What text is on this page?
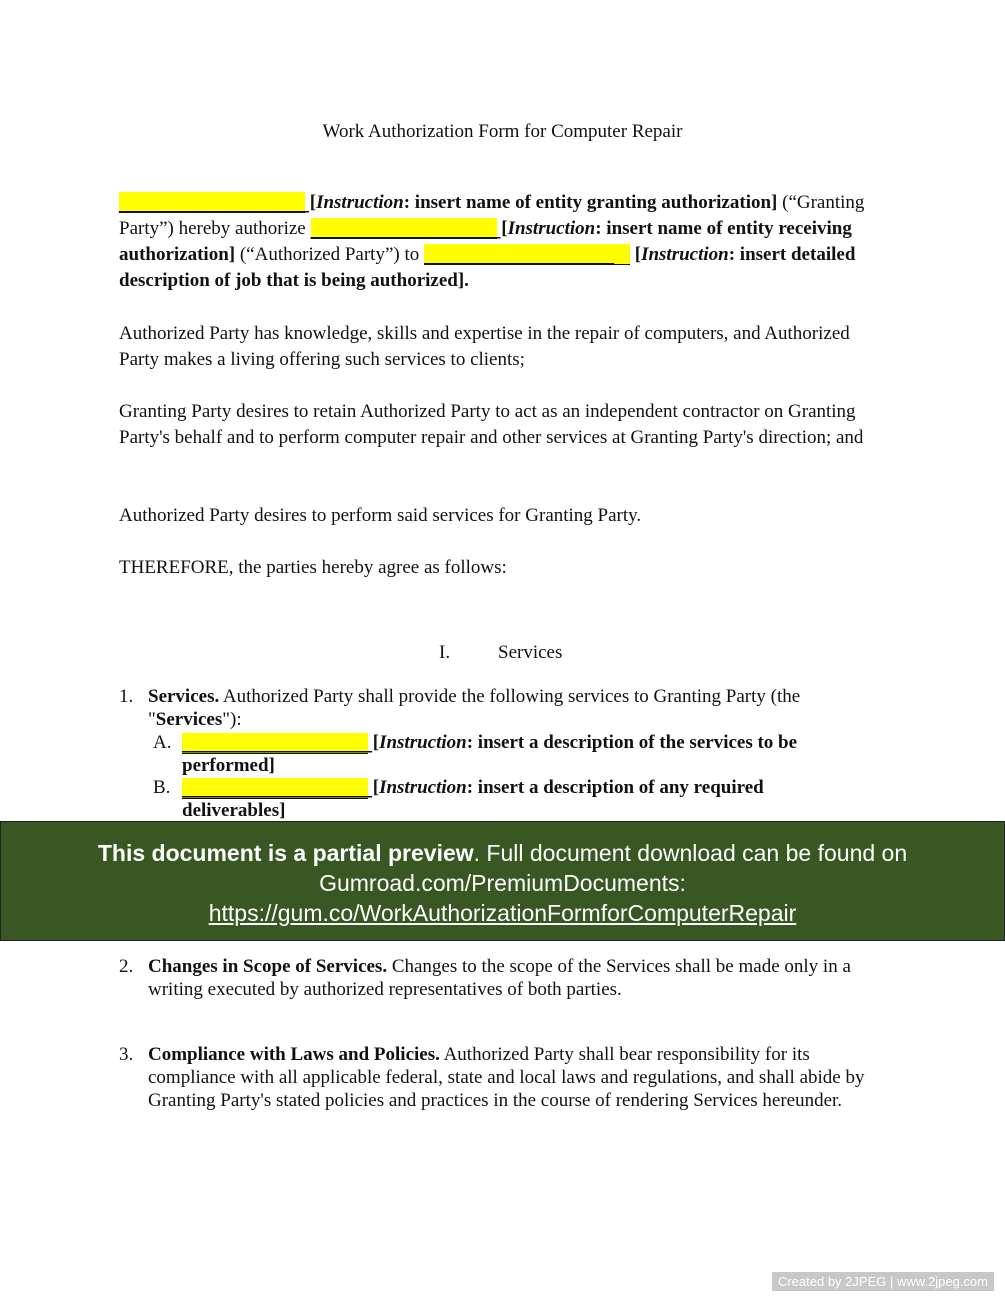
Work Authorization Form for Computer Repair
____________________ [Instruction: insert name of entity granting authorization] (“Granting Party”) hereby authorize ____________________ [Instruction: insert name of entity receiving authorization] (“Authorized Party”) to ____________________ [Instruction: insert detailed description of job that is being authorized].
Authorized Party has knowledge, skills and expertise in the repair of computers, and Authorized Party makes a living offering such services to clients;
Granting Party desires to retain Authorized Party to act as an independent contractor on Granting Party's behalf and to perform computer repair and other services at Granting Party's direction; and
Authorized Party desires to perform said services for Granting Party.
THEREFORE, the parties hereby agree as follows:
I.	Services
1. Services. Authorized Party shall provide the following services to Granting Party (the "Services"):
A. ____________________ [Instruction: insert a description of the services to be performed]
B. ____________________ [Instruction: insert a description of any required deliverables]
This document is a partial preview. Full document download can be found on Gumroad.com/PremiumDocuments:
https://gum.co/WorkAuthorizationFormforComputerRepair
2. Changes in Scope of Services. Changes to the scope of the Services shall be made only in a writing executed by authorized representatives of both parties.
3. Compliance with Laws and Policies. Authorized Party shall bear responsibility for its compliance with all applicable federal, state and local laws and regulations, and shall abide by Granting Party's stated policies and practices in the course of rendering Services hereunder.
Created by 2JPEG | www.2jpeg.com
